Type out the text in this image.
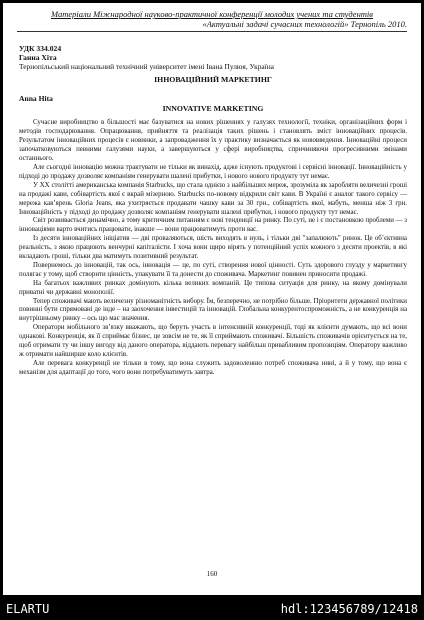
Матеріали Міжнародної науково-практичної конференції молодих учених та студентів
«Актуальні задачі сучасних технологій» Тернопіль 2010.
УДК 334.024
Ганна Хіта
Тернопільський національний технічний університет імені Івана Пулюя, Україна
ІННОВАЦІЙНИЙ МАРКЕТИНГ
Anna Hita
INNOVATIVE MARKETING

Сучасне виробництво в більшості має базуватися на нових рішеннях у галузях технології, техніки, організаційних форм і методів господарювання. Опрацювання, прийняття та реалізація таких рішень і становлять зміст інноваційних процесів. Результатом інноваційних процесів є новинки, а запровадження їх у практику визначається як нововведення. Інноваційні процеси започатковуються певними галузями науки, а завершуються у сфері виробництва, спричиняючи прогресивними змінами останнього.

Але сьогодні інновацію можна трактувати не тільки як винахід, адже існують продуктові і сервісні інновації. Інноваційність у підході до продажу дозволяє компаніям генерувати шалені прибутки, і нового нового продукту тут немає.

У ХХ столітті американська компанія Starbucks, що стала однією з найбільших мереж, зрозуміла як заробляти величезні гроші на продажі кави, собівартість якої є вкрай мізерною. Starbucks по-новому відкрили світ кави. В Україні є аналог такого сервісу — мережа кав’ярень Gloria Jeans, яка ухитряється продавати чашку кави за 30 грн., собівартість якої, мабуть, менша ніж 3 грн. Інноваційність у підході до продажу дозволяє компаніям генерувати шалені прибутки, і нового продукту тут немає.

Світ розвивається динамічно, а тому критичним питанням є нові тенденції на ринку. По суті, не і є постановкою проблеми — з інноваціями варто вчитись працювати, інакше — вони працюватимуть проти вас.

Із десяти інноваційних ініціатив — дві проваляються, шість виходять в нуль, і тільки дві "запалюють" ринок. Це об’єктивна реальність, з якою працюють венчурні капіталісти. І хоча вони щиро вірять у потенційний успіх кожного з десяти проектів, в які вкладають гроші, тільки два матимуть позитивний результат.

Повернемось до інновацій, так ось, інновація — це, по суті, створення нової цінності. Суть здорового глузду у маркетингу полягає у тому, щоб створити цінність, упакувати її та донести до споживача. Маркетинг повинен приносити продажі.

На багатьох важливих ринках домінують кілька великих компаній. Це типова ситуація для ринку, на якому домінували приватні чи державні монополії.

Тепер споживачі мають величезну різноманітність вибору. Їм, безперечно, не потрібно більше. Пріоритети державної політики повинні бути спрямовані де інде – на заохочення інвестицій та інновацій. Глобальна конкурентоспроможність, а не конкуренція на внутрішньому ринку – ось що має значення.

Оператори мобільного зв’язку вважають, що беруть участь в інтенсивній конкуренції, тоді як клієнти думають, що всі вони однакові. Конкуренція, як її сприймає бізнес, це зовсім не те, як її сприймають споживачі. Більшість споживачів орієнтується на те, щоб отримати ту чи іншу вигоду від даного оператора, віддають перевагу найбільш привабливим пропозиціям. Оператору важливо ж отримати найширше коло клієнтів.

Але перевага конкуренції не тільки в тому, що вона служить задоволенню потреб споживача нині, а й у тому, що вона є механізм для адаптації до того, чого вони потребуватимуть завтра.

160
ELARTU	hdl:123456789/12418
